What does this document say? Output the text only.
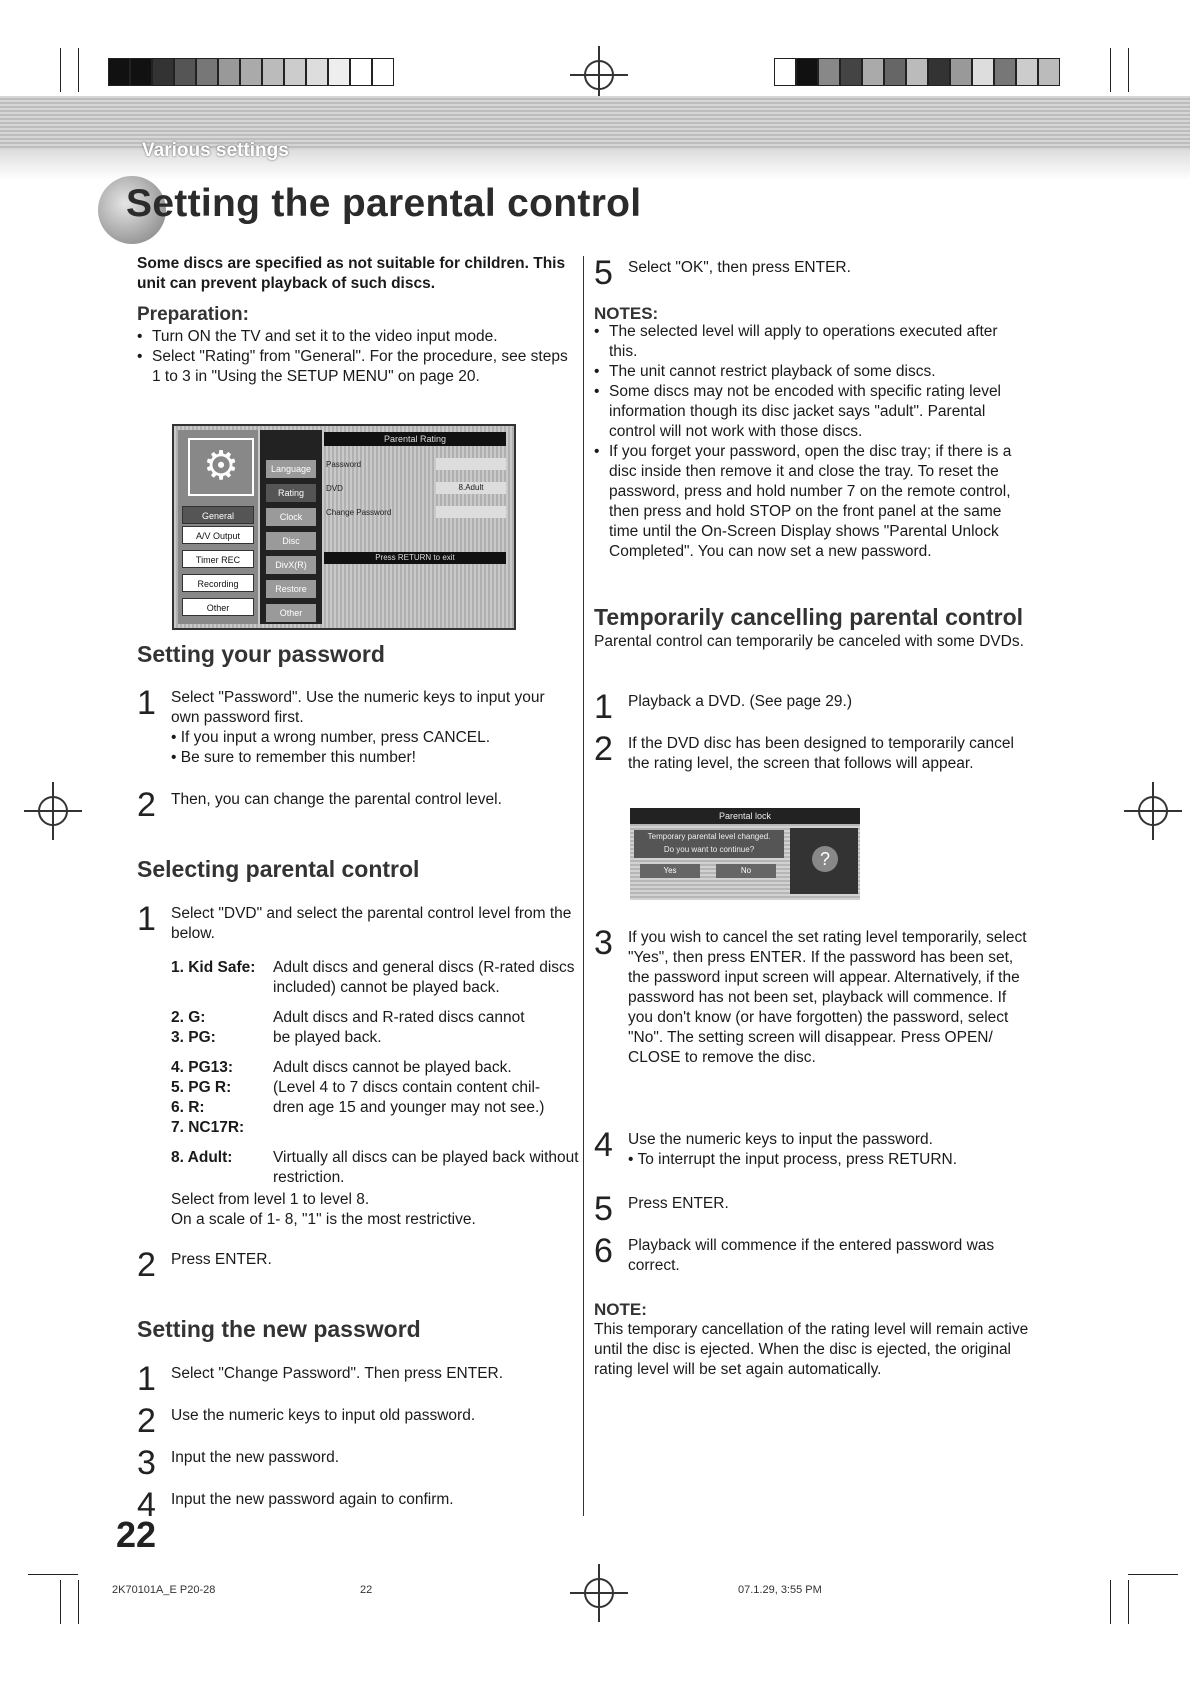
Various settings
Setting the parental control

Some discs are specified as not suitable for children. This unit can prevent playback of such discs.

Preparation:
• Turn ON the TV and set it to the video input mode.
• Select "Rating" from "General". For the procedure, see steps 1 to 3 in "Using the SETUP MENU" on page 20.
⚙
General
A/V Output
Timer REC
Recording
Other
Language
Rating
Clock
Disc
DivX(R)
Restore
Other
Parental Rating
Password
DVD
Change Password
8.Adult
Press RETURN to exit
Setting your password
1 Select "Password". Use the numeric keys to input your own password first.

• If you input a wrong number, press CANCEL.

• Be sure to remember this number!

2 Then, you can change the parental control level.
Selecting parental control
1 Select "DVD" and select the parental control level from the below.
1. Kid Safe: Adult discs and general discs (R-rated discs included) cannot be played back.
2. G:	Adult discs and R-rated discs cannot
3. PG:	be played back.
4. PG13:	Adult discs cannot be played back.
5. PG R:	(Level 4 to 7 discs contain content chil-
6. R:	dren age 15 and younger may not see.)
7. NC17R:
8. Adult:	Virtually all discs can be played back without restriction.
Select from level 1 to level 8.
On a scale of 1- 8, "1" is the most restrictive.
2 Press ENTER.
Setting the new password
1 Select "Change Password". Then press ENTER.
2 Use the numeric keys to input old password.
3 Input the new password.
4 Input the new password again to confirm.
22
5 Select "OK", then press ENTER.
NOTES:
• The selected level will apply to operations executed after this.
• The unit cannot restrict playback of some discs.
• Some discs may not be encoded with specific rating level information though its disc jacket says "adult". Parental control will not work with those discs.
• If you forget your password, open the disc tray; if there is a disc inside then remove it and close the tray. To reset the password, press and hold number 7 on the remote control, then press and hold STOP on the front panel at the same time until the On-Screen Display shows "Parental Unlock Completed". You can now set a new password.
Temporarily cancelling parental control
Parental control can temporarily be canceled with some DVDs.
1 Playback a DVD. (See page 29.)
2 If the DVD disc has been designed to temporarily cancel the rating level, the screen that follows will appear.
Parental lock
Temporary parental level changed.
Do you want to continue?
Yes	No
?
3 If you wish to cancel the set rating level temporarily, select "Yes", then press ENTER. If the password has been set, the password input screen will appear. Alternatively, if the password has not been set, playback will commence. If you don't know (or have forgotten) the password, select "No". The setting screen will disappear. Press OPEN/ CLOSE to remove the disc.
4 Use the numeric keys to input the password.

• To interrupt the input process, press RETURN.

5 Press ENTER.
6 Playback will commence if the entered password was correct.
NOTE:
This temporary cancellation of the rating level will remain active until the disc is ejected. When the disc is ejected, the original rating level will be set again automatically.
2K70101A_E P20-28	22	07.1.29, 3:55 PM
